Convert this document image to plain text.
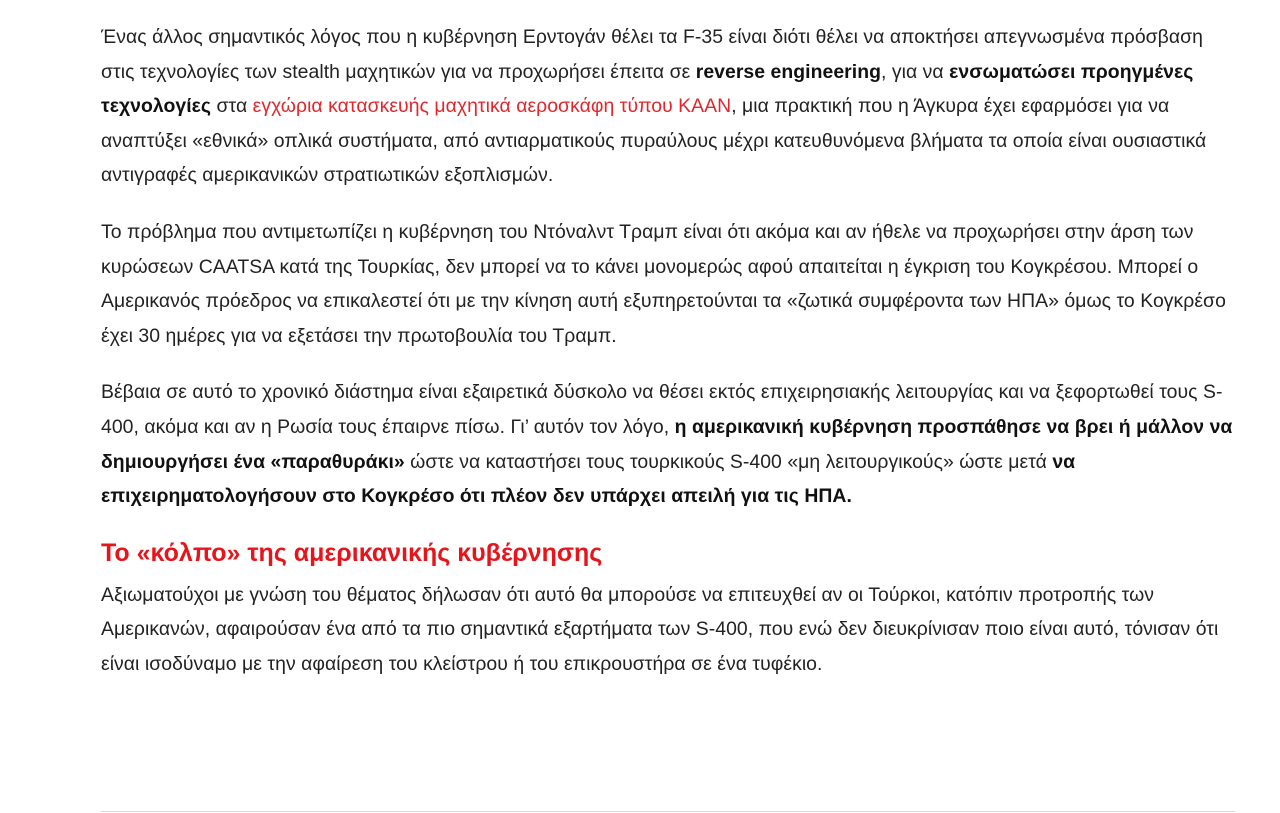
Ένας άλλος σημαντικός λόγος που η κυβέρνηση Ερντογάν θέλει τα F-35 είναι διότι θέλει να αποκτήσει απεγνωσμένα πρόσβαση στις τεχνολογίες των stealth μαχητικών για να προχωρήσει έπειτα σε reverse engineering, για να ενσωματώσει προηγμένες τεχνολογίες στα εγχώρια κατασκευής μαχητικά αεροσκάφη τύπου KAAN, μια πρακτική που η Άγκυρα έχει εφαρμόσει για να αναπτύξει «εθνικά» οπλικά συστήματα, από αντιαρματικούς πυραύλους μέχρι κατευθυνόμενα βλήματα τα οποία είναι ουσιαστικά αντιγραφές αμερικανικών στρατιωτικών εξοπλισμών.

Το πρόβλημα που αντιμετωπίζει η κυβέρνηση του Ντόναλντ Τραμπ είναι ότι ακόμα και αν ήθελε να προχωρήσει στην άρση των κυρώσεων CAATSA κατά της Τουρκίας, δεν μπορεί να το κάνει μονομερώς αφού απαιτείται η έγκριση του Κογκρέσου. Μπορεί ο Αμερικανός πρόεδρος να επικαλεστεί ότι με την κίνηση αυτή εξυπηρετούνται τα «ζωτικά συμφέροντα των ΗΠΑ» όμως το Κογκρέσο έχει 30 ημέρες για να εξετάσει την πρωτοβουλία του Τραμπ.

Βέβαια σε αυτό το χρονικό διάστημα είναι εξαιρετικά δύσκολο να θέσει εκτός επιχειρησιακής λειτουργίας και να ξεφορτωθεί τους S-400, ακόμα και αν η Ρωσία τους έπαιρνε πίσω. Γι’ αυτόν τον λόγο, η αμερικανική κυβέρνηση προσπάθησε να βρει ή μάλλον να δημιουργήσει ένα «παραθυράκι» ώστε να καταστήσει τους τουρκικούς S-400 «μη λειτουργικούς» ώστε μετά να επιχειρηματολογήσουν στο Κογκρέσο ότι πλέον δεν υπάρχει απειλή για τις ΗΠΑ.

Το «κόλπο» της αμερικανικής κυβέρνησης

Αξιωματούχοι με γνώση του θέματος δήλωσαν ότι αυτό θα μπορούσε να επιτευχθεί αν οι Τούρκοι, κατόπιν προτροπής των Αμερικανών, αφαιρούσαν ένα από τα πιο σημαντικά εξαρτήματα των S-400, που ενώ δεν διευκρίνισαν ποιο είναι αυτό, τόνισαν ότι είναι ισοδύναμο με την αφαίρεση του κλείστρου ή του επικρουστήρα σε ένα τυφέκιο.
